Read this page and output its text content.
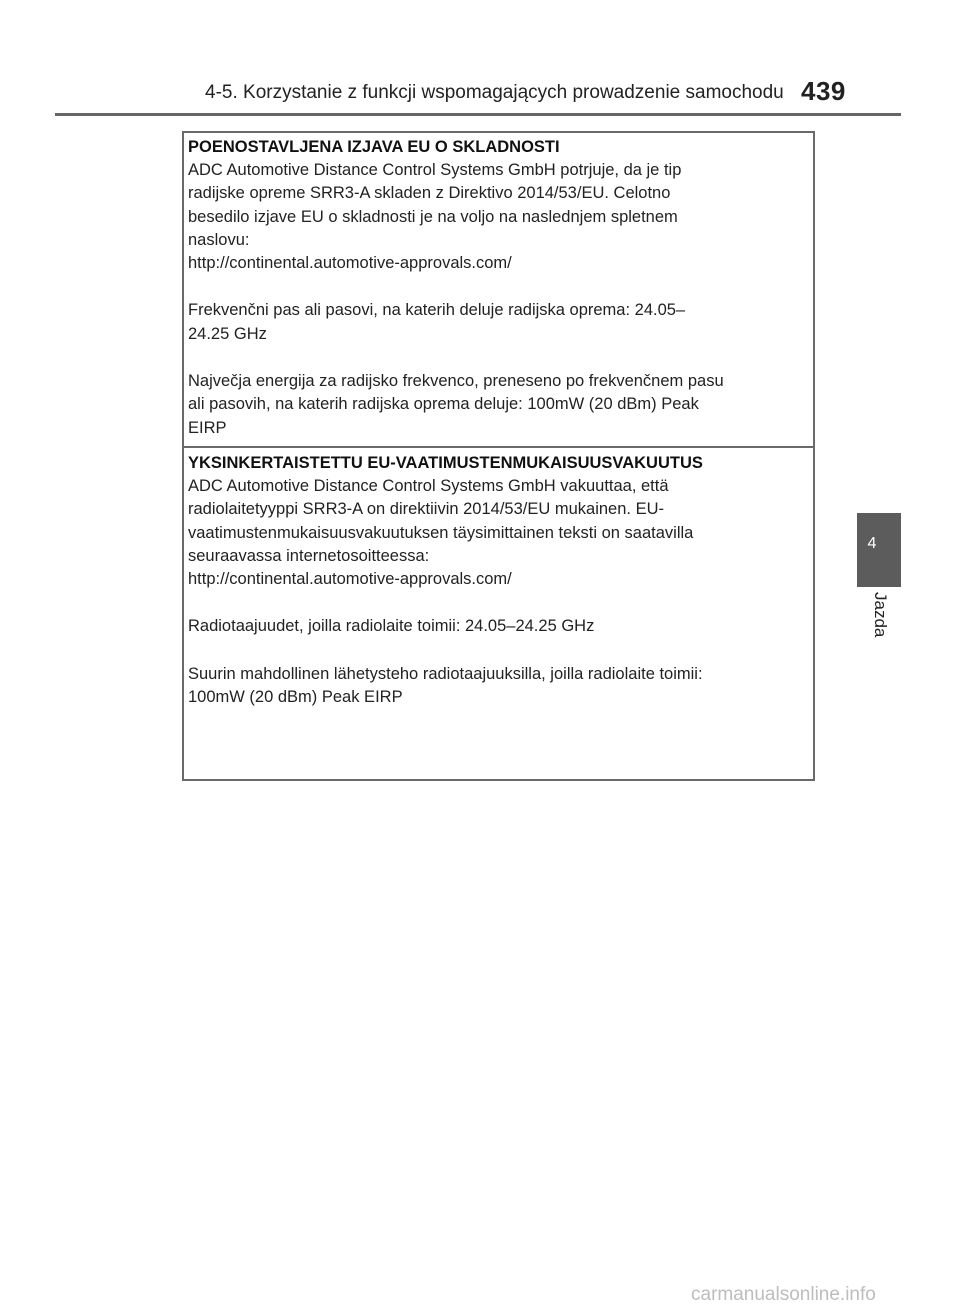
4-5. Korzystanie z funkcji wspomagających prowadzenie samochodu 439
4
Jazda
POENOSTAVLJENA IZJAVA EU O SKLADNOSTI

ADC Automotive Distance Control Systems GmbH potrjuje, da je tip

radijske opreme SRR3-A skladen z Direktivo 2014/53/EU. Celotno

besedilo izjave EU o skladnosti je na voljo na naslednjem spletnem

naslovu:

http://continental.automotive-approvals.com/

Frekvenčni pas ali pasovi, na katerih deluje radijska oprema: 24.05–

24.25 GHz

Največja energija za radijsko frekvenco, preneseno po frekvenčnem pasu

ali pasovih, na katerih radijska oprema deluje: 100mW (20 dBm) Peak

EIRP

YKSINKERTAISTETTU EU-VAATIMUSTENMUKAISUUSVAKUUTUS

ADC Automotive Distance Control Systems GmbH vakuuttaa, että

radiolaitetyyppi SRR3-A on direktiivin 2014/53/EU mukainen. EU-

vaatimustenmukaisuusvakuutuksen täysimittainen teksti on saatavilla

seuraavassa internetosoitteessa:

http://continental.automotive-approvals.com/

Radiotaajuudet, joilla radiolaite toimii: 24.05–24.25 GHz

Suurin mahdollinen lähetysteho radiotaajuuksilla, joilla radiolaite toimii:

100mW (20 dBm) Peak EIRP

carmanualsonline.info
